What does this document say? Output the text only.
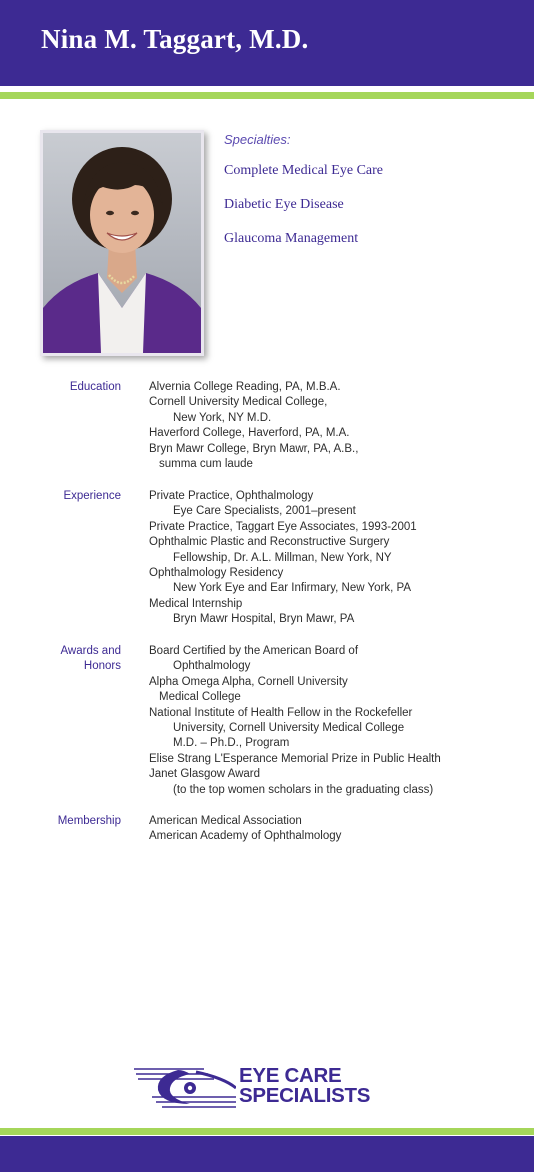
Nina M. Taggart, M.D.

Specialties:

Complete Medical Eye Care

Diabetic Eye Disease

Glaucoma Management

Education Alvernia College Reading, PA, M.B.A.
Cornell University Medical College,
New York, NY M.D.
Haverford College, Haverford, PA, M.A.
Bryn Mawr College, Bryn Mawr, PA, A.B.,
summa cum laude
Experience Private Practice, Ophthalmology
Eye Care Specialists, 2001–present
Private Practice, Taggart Eye Associates, 1993-2001
Ophthalmic Plastic and Reconstructive Surgery
Fellowship, Dr. A.L. Millman, New York, NY
Ophthalmology Residency
New York Eye and Ear Infirmary, New York, PA
Medical Internship
Bryn Mawr Hospital, Bryn Mawr, PA
Awards and
Honors
Board Certified by the American Board of
Ophthalmology
Alpha Omega Alpha, Cornell University
Medical College
National Institute of Health Fellow in the Rockefeller
University, Cornell University Medical College
M.D. – Ph.D., Program
Elise Strang L'Esperance Memorial Prize in Public Health
Janet Glasgow Award
(to the top women scholars in the graduating class)
Membership American Medical Association
American Academy of Ophthalmology
EYE CARE
SPECIALISTS
